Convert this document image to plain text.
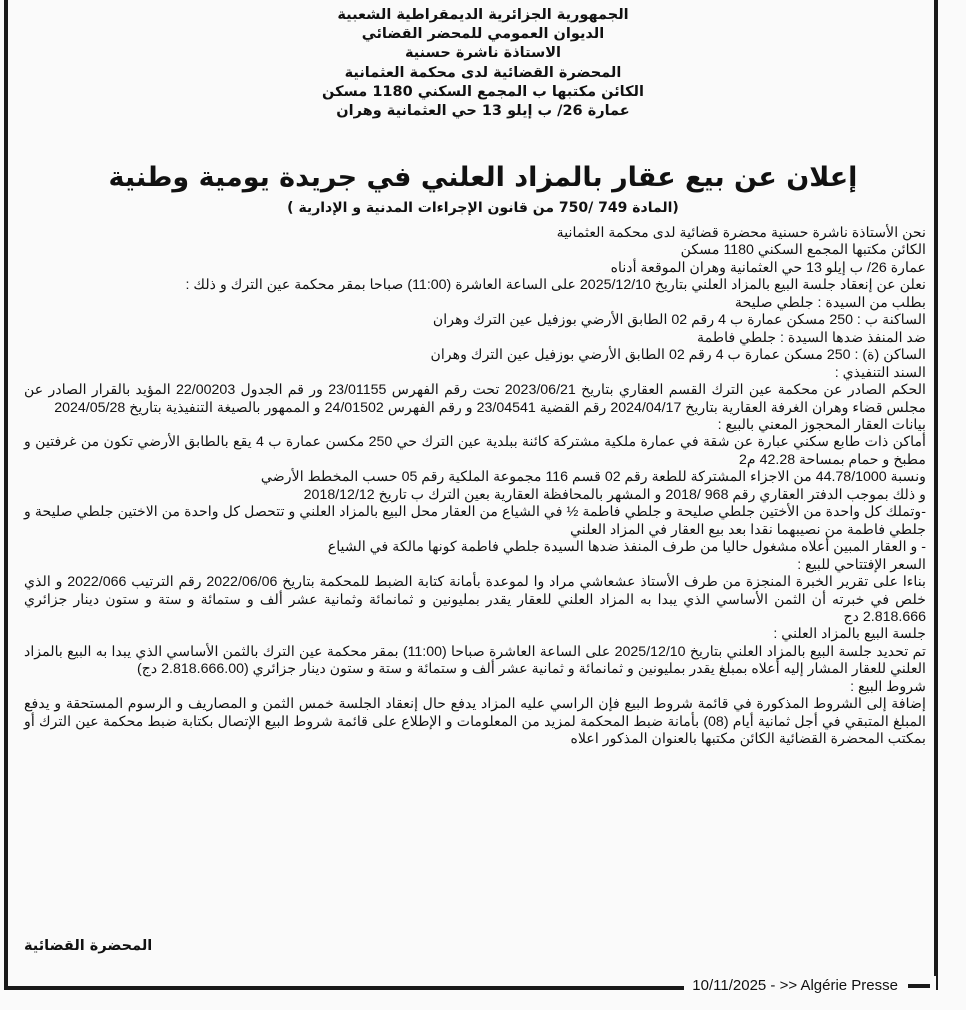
الجمهورية الجزائرية الديمقراطية الشعبية
الديوان العمومي للمحضر القضائي
الاستاذة ناشرة حسنية
المحضرة القضائية لدى محكمة العثمانية
الكائن مكتبها ب المجمع السكني 1180 مسكن
عمارة 26/ ب إيلو 13 حي العثمانية وهران
إعلان عن بيع عقار بالمزاد العلني في جريدة يومية وطنية
(المادة 749 /750 من قانون الإجراءات المدنية و الإدارية )

نحن الأستاذة ناشرة حسنية محضرة قضائية لدى محكمة العثمانية

الكائن مكتبها المجمع السكني 1180 مسكن

عمارة 26/ ب إيلو 13 حي العثمانية وهران الموقعة أدناه

نعلن عن إنعقاد جلسة البيع بالمزاد العلني بتاريخ 2025/12/10 على الساعة العاشرة (11:00) صباحا بمقر محكمة عين الترك و ذلك :

بطلب من السيدة : جلطي صليحة

الساكنة ب : 250 مسكن عمارة ب 4 رقم 02 الطابق الأرضي بوزفيل عين الترك وهران

ضد المنفذ ضدها السيدة : جلطي فاطمة

الساكن (ة) : 250 مسكن عمارة ب 4 رقم 02 الطابق الأرضي بوزفيل عين الترك وهران

السند التنفيذي :

الحكم الصادر عن محكمة عين الترك القسم العقاري بتاريخ 2023/06/21 تحت رقم الفهرس 23/01155 ور قم الجدول 22/00203 المؤيد بالقرار الصادر عن مجلس قضاء وهران الغرفة العقارية بتاريخ 2024/04/17 رقم القضية 23/04541 و رقم الفهرس 24/01502 و الممهور بالصيغة التنفيذية بتاريخ 2024/05/28

بيانات العقار المحجوز المعني بالبيع :

أماكن ذات طابع سكني عبارة عن شقة في عمارة ملكية مشتركة كائنة ببلدية عين الترك حي 250 مكسن عمارة ب 4 يقع بالطابق الأرضي تكون من غرفتين و مطبخ و حمام بمساحة 42.28 م2

ونسبة 44.78/1000 من الاجزاء المشتركة للطعة رقم 02 قسم 116 مجموعة الملكية رقم 05 حسب المخطط الأرضي

و ذلك بموجب الدفتر العقاري رقم 968 /2018 و المشهر بالمحافظة العقارية بعين الترك ب تاريخ 2018/12/12

-وتملك كل واحدة من الأختين جلطي صليحة و جلطي فاطمة ½ في الشياع من العقار محل البيع بالمزاد العلني و تتحصل كل واحدة من الاختين جلطي صليحة و جلطي فاطمة من نصيبهما نقدا بعد بيع العقار في المزاد العلني

- و العقار المبين أعلاه مشغول حاليا من طرف المنفذ ضدها السيدة جلطي فاطمة كونها مالكة في الشياع

السعر الإفتتاحي للبيع :

بناءا على تقرير الخبرة المنجزة من طرف الأستاذ عشعاشي مراد وا لموعدة بأمانة كتابة الضبط للمحكمة بتاريخ 2022/06/06 رقم الترتيب 2022/066 و الذي خلص في خبرته أن الثمن الأساسي الذي يبدا به المزاد العلني للعقار يقدر بمليونين و ثمانمائة وثمانية عشر ألف و ستمائة و ستة و ستون دينار جزائري 2.818.666 دج

جلسة البيع بالمزاد العلني :

تم تحديد جلسة البيع بالمزاد العلني بتاريخ 2025/12/10 على الساعة العاشرة صباحا (11:00) بمقر محكمة عين الترك بالثمن الأساسي الذي يبدا به البيع بالمزاد العلني للعقار المشار إليه أعلاه بمبلغ يقدر بمليونين و ثمانمائة و ثمانية عشر ألف و ستمائة و ستة و ستون دينار جزائري (2.818.666.00 دج)

شروط البيع :

إضافة إلى الشروط المذكورة في قائمة شروط البيع فإن الراسي عليه المزاد يدفع حال إنعقاد الجلسة خمس الثمن و المصاريف و الرسوم المستحقة و يدفع المبلغ المتبقي في أجل ثمانية أيام (08) بأمانة ضبط المحكمة لمزيد من المعلومات و الإطلاع على قائمة شروط البيع الإتصال بكتابة ضبط محكمة عين الترك أو بمكتب المحضرة القضائية الكائن مكتبها بالعنوان المذكور اعلاه

المحضرة القضائية
10/11/2025 - >> Algérie Presse
